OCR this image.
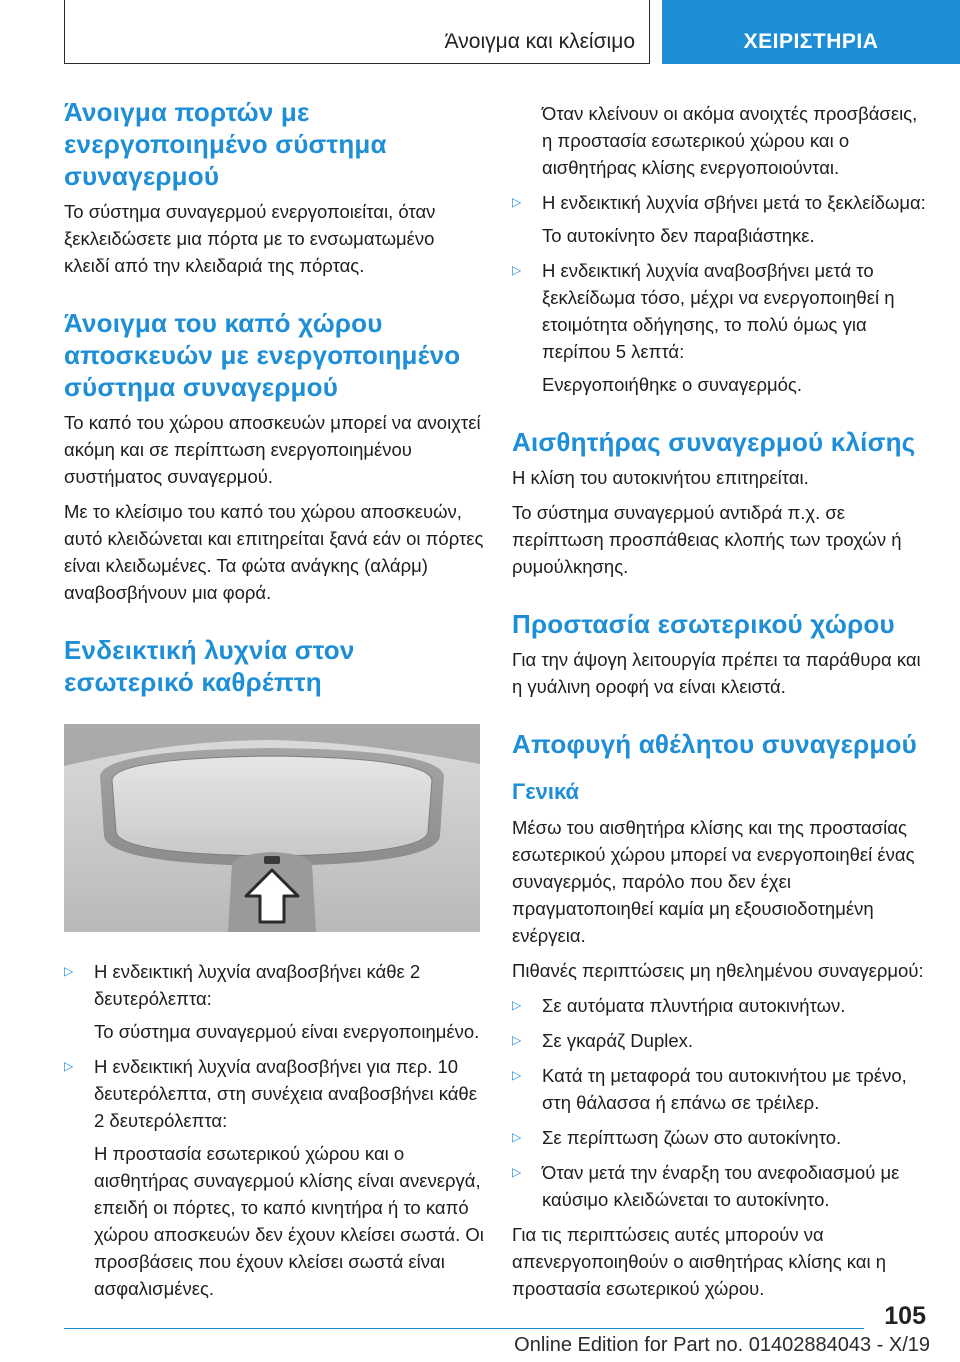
Άνοιγμα και κλείσιμο	ΧΕΙΡΙΣΤΗΡΙΑ
Άνοιγμα πορτών με ενεργοποιημένο σύστημα συναγερμού

Το σύστημα συναγερμού ενεργοποιείται, όταν ξεκλειδώσετε μια πόρτα με το ενσωματωμένο κλειδί από την κλειδαριά της πόρτας.

Άνοιγμα του καπό χώρου αποσκευών με ενεργοποιημένο σύστημα συναγερμού

Το καπό του χώρου αποσκευών μπορεί να ανοιχτεί ακόμη και σε περίπτωση ενεργοποιημένου συστήματος συναγερμού.

Με το κλείσιμο του καπό του χώρου αποσκευών, αυτό κλειδώνεται και επιτηρείται ξανά εάν οι πόρτες είναι κλειδωμένες. Τα φώτα ανάγκης (αλάρμ) αναβοσβήνουν μια φορά.

Ενδεικτική λυχνία στον εσωτερικό καθρέπτη
▷ Η ενδεικτική λυχνία αναβοσβήνει κάθε 2 δευτερόλεπτα:

Το σύστημα συναγερμού είναι ενεργοποιημένο.

▷ Η ενδεικτική λυχνία αναβοσβήνει για περ. 10 δευτερόλεπτα, στη συνέχεια αναβοσβήνει κάθε 2 δευτερόλεπτα:

Η προστασία εσωτερικού χώρου και ο αισθητήρας συναγερμού κλίσης είναι ανενεργά, επειδή οι πόρτες, το καπό κινητήρα ή το καπό χώρου αποσκευών δεν έχουν κλείσει σωστά. Οι προσβάσεις που έχουν κλείσει σωστά είναι ασφαλισμένες.

Όταν κλείνουν οι ακόμα ανοιχτές προσβάσεις, η προστασία εσωτερικού χώρου και ο αισθητήρας κλίσης ενεργοποιούνται.

▷ Η ενδεικτική λυχνία σβήνει μετά το ξεκλείδωμα:

Το αυτοκίνητο δεν παραβιάστηκε.

▷ Η ενδεικτική λυχνία αναβοσβήνει μετά το ξεκλείδωμα τόσο, μέχρι να ενεργοποιηθεί η ετοιμότητα οδήγησης, το πολύ όμως για περίπου 5 λεπτά:

Ενεργοποιήθηκε ο συναγερμός.

Αισθητήρας συναγερμού κλίσης

Η κλίση του αυτοκινήτου επιτηρείται.

Το σύστημα συναγερμού αντιδρά π.χ. σε περίπτωση προσπάθειας κλοπής των τροχών ή ρυμούλκησης.

Προστασία εσωτερικού χώρου

Για την άψογη λειτουργία πρέπει τα παράθυρα και η γυάλινη οροφή να είναι κλειστά.

Αποφυγή αθέλητου συναγερμού
Γενικά

Μέσω του αισθητήρα κλίσης και της προστασίας εσωτερικού χώρου μπορεί να ενεργοποιηθεί ένας συναγερμός, παρόλο που δεν έχει πραγματοποιηθεί καμία μη εξουσιοδοτημένη ενέργεια.

Πιθανές περιπτώσεις μη ηθελημένου συναγερμού:

▷ Σε αυτόματα πλυντήρια αυτοκινήτων.

▷ Σε γκαράζ Duplex.

▷ Κατά τη μεταφορά του αυτοκινήτου με τρένο, στη θάλασσα ή επάνω σε τρέιλερ.

▷ Σε περίπτωση ζώων στο αυτοκίνητο.

▷ Όταν μετά την έναρξη του ανεφοδιασμού με καύσιμο κλειδώνεται το αυτοκίνητο.

Για τις περιπτώσεις αυτές μπορούν να απενεργοποιηθούν ο αισθητήρας κλίσης και η προστασία εσωτερικού χώρου.

105
Online Edition for Part no. 01402884043 - X/19
